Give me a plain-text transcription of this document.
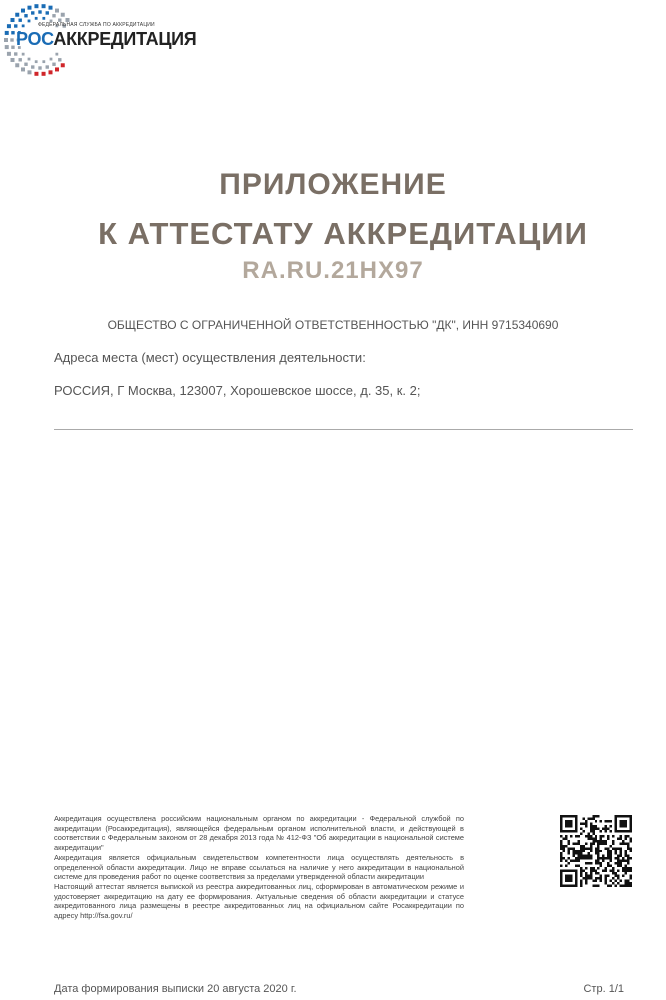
ФЕДЕРАЛЬНАЯ СЛУЖБА ПО АККРЕДИТАЦИИ
РОСАККРЕДИТАЦИЯ
ПРИЛОЖЕНИЕ
К АТТЕСТАТУ АККРЕДИТАЦИИ
RA.RU.21HX97
ОБЩЕСТВО С ОГРАНИЧЕННОЙ ОТВЕТСТВЕННОСТЬЮ "ДК", ИНН 9715340690
Адреса места (мест) осуществления деятельности:
РОССИЯ, Г Москва, 123007, Хорошевское шоссе, д. 35, к. 2;

Аккредитация осуществлена российским национальным органом по аккредитации - Федеральной службой по аккредитации (Росаккредитация), являющейся федеральным органом исполнительной власти, и действующей в соответствии с Федеральным законом от 28 декабря 2013 года № 412-ФЗ "Об аккредитации в национальной системе аккредитации"

Аккредитация является официальным свидетельством компетентности лица осуществлять деятельность в определенной области аккредитации. Лицо не вправе ссылаться на наличие у него аккредитации в национальной системе для проведения работ по оценке соответствия за пределами утвержденной области аккредитации

Настоящий аттестат является выпиской из реестра аккредитованных лиц, сформирован в автоматическом режиме и удостоверяет аккредитацию на дату ее формирования. Актуальные сведения об области аккредитации и статусе аккредитованного лица размещены в реестре аккредитованных лиц на официальном сайте Росаккредитации по адресу http://fsa.gov.ru/

Дата формирования выписки 20 августа 2020 г.	Стр. 1/1
